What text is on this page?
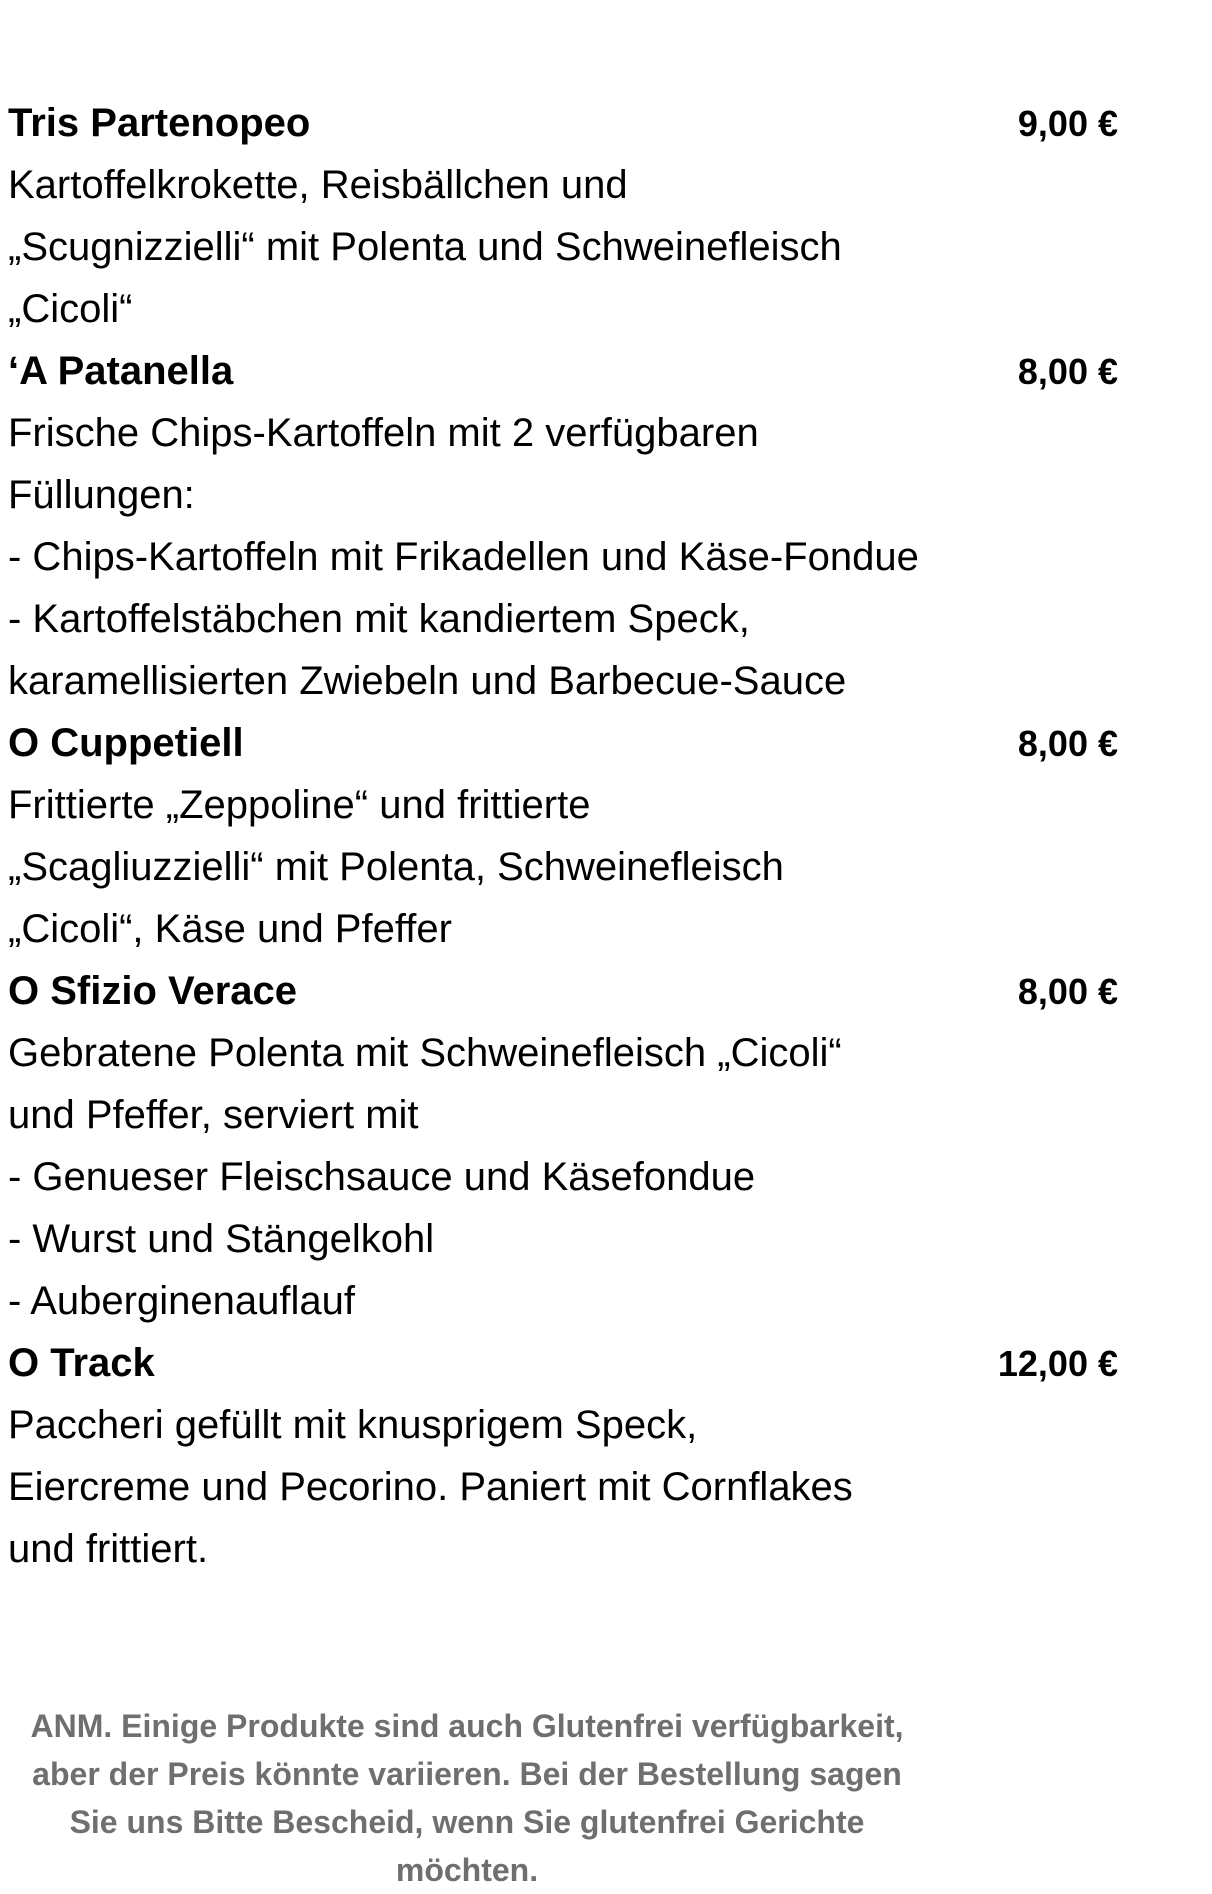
Tris Partenopeo	9,00 €
Kartoffelkrokette, Reisbällchen und
„Scugnizzielli“ mit Polenta und Schweinefleisch
„Cicoli“
‘A Patanella	8,00 €
Frische Chips-Kartoffeln mit 2 verfügbaren
Füllungen:
- Chips-Kartoffeln mit Frikadellen und Käse-Fondue
- Kartoffelstäbchen mit kandiertem Speck,
karamellisierten Zwiebeln und Barbecue-Sauce
O Cuppetiell	8,00 €
Frittierte „Zeppoline“ und frittierte
„Scagliuzzielli“ mit Polenta, Schweinefleisch
„Cicoli“, Käse und Pfeffer
O Sfizio Verace	8,00 €
Gebratene Polenta mit Schweinefleisch „Cicoli“
und Pfeffer, serviert mit
- Genueser Fleischsauce und Käsefondue
- Wurst und Stängelkohl
- Auberginenauflauf
O Track	12,00 €
Paccheri gefüllt mit knusprigem Speck,
Eiercreme und Pecorino. Paniert mit Cornflakes
und frittiert.
ANM. Einige Produkte sind auch Glutenfrei verfügbarkeit,
aber der Preis könnte variieren. Bei der Bestellung sagen
Sie uns Bitte Bescheid, wenn Sie glutenfrei Gerichte
möchten.
